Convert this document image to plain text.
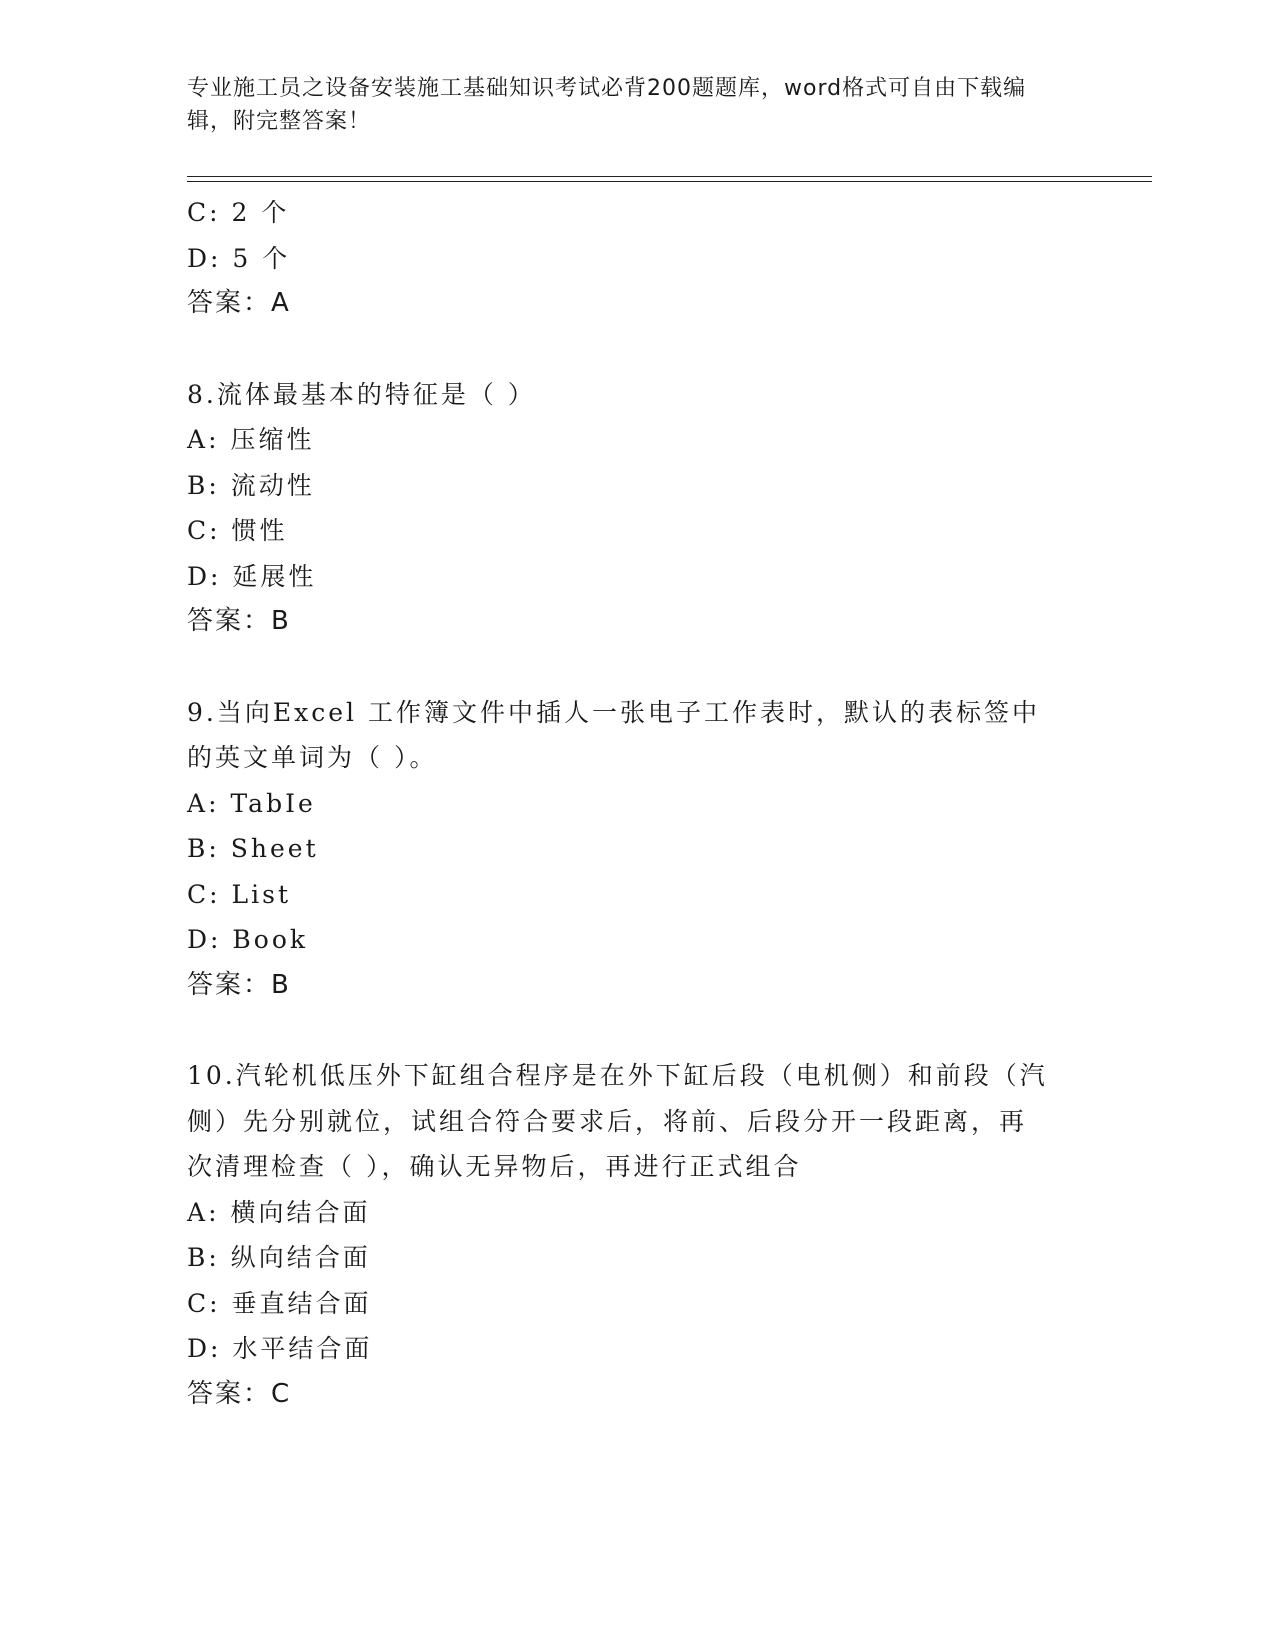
专业施工员之设备安装施工基础知识考试必背200题题库，word格式可自由下载编辑，附完整答案！
C: 2 个
D: 5 个
答案：A
8.流体最基本的特征是（ ）
A: 压缩性
B: 流动性
C: 惯性
D: 延展性
答案：B
9.当向Excel 工作簿文件中插人一张电子工作表时，默认的表标签中
的英文单词为（ ）。
A: TabIe
B: Sheet
C: List
D: Book
答案：B
10.汽轮机低压外下缸组合程序是在外下缸后段（电机侧）和前段（汽
侧）先分别就位，试组合符合要求后，将前、后段分开一段距离，再
次清理检查（ ），确认无异物后，再进行正式组合
A: 横向结合面
B: 纵向结合面
C: 垂直结合面
D: 水平结合面
答案：C
